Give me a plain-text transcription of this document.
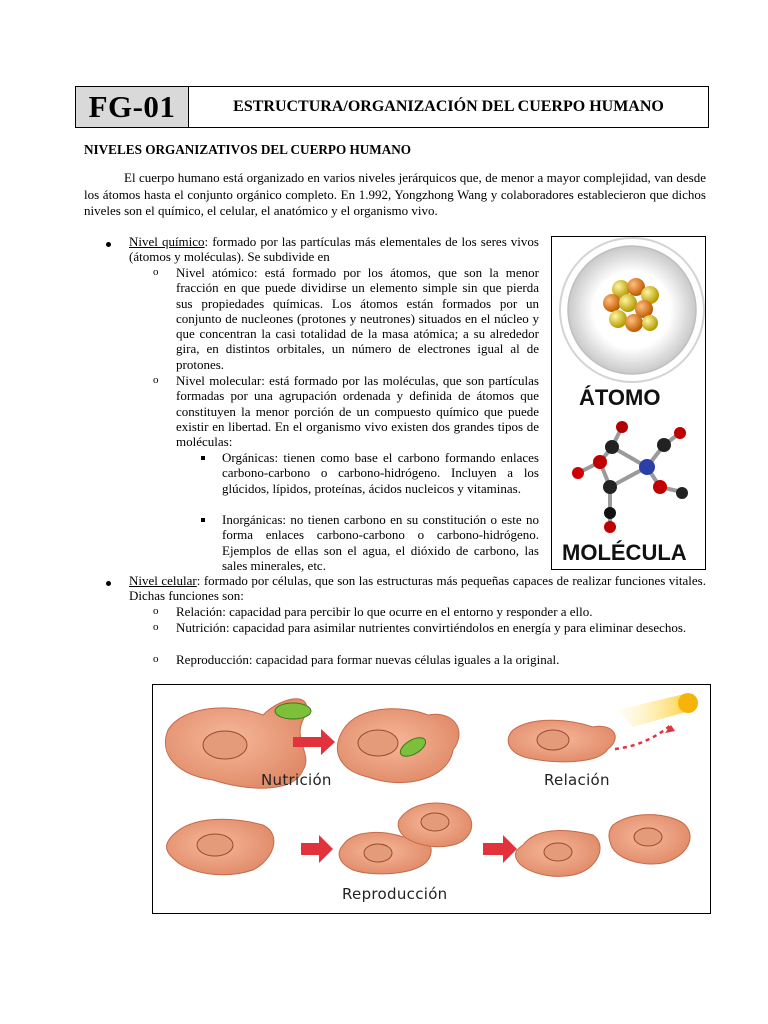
FG-01	ESTRUCTURA/ORGANIZACIÓN DEL CUERPO HUMANO
NIVELES ORGANIZATIVOS DEL CUERPO HUMANO
El cuerpo humano está organizado en varios niveles jerárquicos que, de menor a mayor complejidad, van desde los átomos hasta el conjunto orgánico completo. En 1.992, Yongzhong Wang y colaboradores establecieron que dichos niveles son el químico, el celular, el anatómico y el organismo vivo.
Nivel químico: formado por las partículas más elementales de los seres vivos (átomos y moléculas). Se subdivide en
o Nivel atómico: está formado por los átomos, que son la menor fracción en que puede dividirse un elemento simple sin que pierda sus propiedades químicas. Los átomos están formados por un conjunto de nucleones (protones y neutrones) situados en el núcleo y que concentran la casi totalidad de la masa atómica; a su alrededor gira, en distintos orbitales, un número de electrones igual al de protones.
o Nivel molecular: está formado por las moléculas, que son partículas formadas por una agrupación ordenada y definida de átomos que constituyen la menor porción de un compuesto químico que puede existir en libertad. En el organismo vivo existen dos grandes tipos de moléculas:
Orgánicas: tienen como base el carbono formando enlaces carbono-carbono o carbono-hidrógeno. Incluyen a los glúcidos, lípidos, proteínas, ácidos nucleicos y vitaminas.
Inorgánicas: no tienen carbono en su constitución o este no forma enlaces carbono-carbono o carbono-hidrógeno. Ejemplos de ellas son el agua, el dióxido de carbono, las sales minerales, etc.
Nivel celular: formado por células, que son las estructuras más pequeñas capaces de realizar funciones vitales. Dichas funciones son:
o Relación: capacidad para percibir lo que ocurre en el entorno y responder a ello.
o Nutrición: capacidad para asimilar nutrientes convirtiéndolos en energía y para eliminar desechos.
o Reproducción: capacidad para formar nuevas células iguales a la original.
ÁTOMO
MOLÉCULA
Nutrición	Relación
Reproducción
